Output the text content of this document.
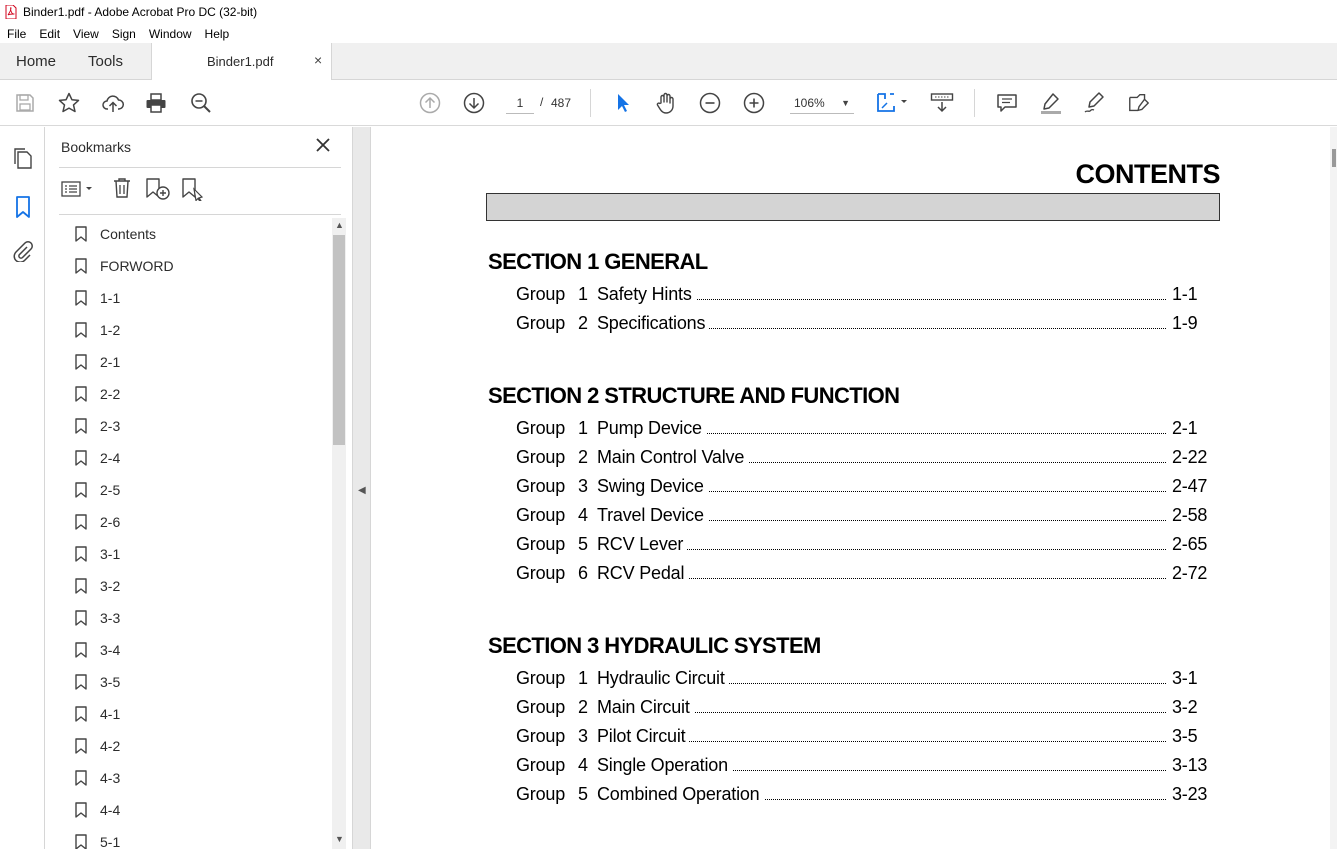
Binder1.pdf - Adobe Acrobat Pro DC (32-bit)
File	Edit	View	Sign	Window	Help
Home Tools	Binder1.pdf	×
1	/ 487	106% ▼
Bookmarks
Contents
FORWORD
1-1
1-2
2-1
2-2
2-3
2-4
2-5
2-6
3-1
3-2
3-3
3-4
3-5
4-1
4-2
4-3
4-4
5-1
▲
▼
◀
CONTENTS
SECTION 1 GENERAL
Group 1 Safety Hints	1-1
Group 2 Specifications	1-9
SECTION 2 STRUCTURE AND FUNCTION
Group 1 Pump Device	2-1
Group 2 Main Control Valve	2-22
Group 3 Swing Device	2-47
Group 4 Travel Device	2-58
Group 5 RCV Lever	2-65
Group 6 RCV Pedal	2-72
SECTION 3 HYDRAULIC SYSTEM
Group 1 Hydraulic Circuit	3-1
Group 2 Main Circuit	3-2
Group 3 Pilot Circuit	3-5
Group 4 Single Operation	3-13
Group 5 Combined Operation	3-23
